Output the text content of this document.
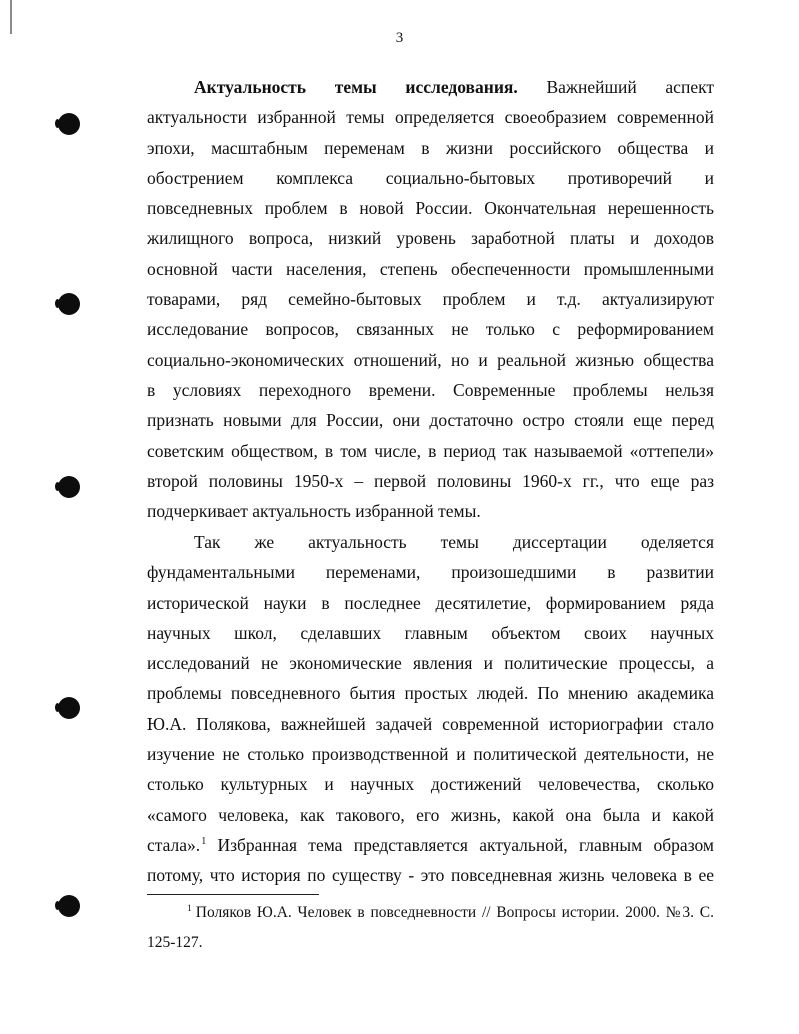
3
Актуальность темы исследования. Важнейший аспект
актуальности избранной темы определяется своеобразием современной
эпохи, масштабным переменам в жизни российского общества и
обострением комплекса социально-бытовых противоречий и
повседневных проблем в новой России. Окончательная нерешенность
жилищного вопроса, низкий уровень заработной платы и доходов
основной части населения, степень обеспеченности промышленными
товарами, ряд семейно-бытовых проблем и т.д. актуализируют
исследование вопросов, связанных не только с реформированием
социально-экономических отношений, но и реальной жизнью общества
в условиях переходного времени. Современные проблемы нельзя
признать новыми для России, они достаточно остро стояли еще перед
советским обществом, в том числе, в период так называемой «оттепели»
второй половины 1950-х – первой половины 1960-х гг., что еще раз
подчеркивает актуальность избранной темы.
Так же актуальность темы диссертации оделяется
фундаментальными переменами, произошедшими в развитии
исторической науки в последнее десятилетие, формированием ряда
научных школ, сделавших главным объектом своих научных
исследований не экономические явления и политические процессы, а
проблемы повседневного бытия простых людей. По мнению академика
Ю.А. Полякова, важнейшей задачей современной историографии стало
изучение не столько производственной и политической деятельности, не
столько культурных и научных достижений человечества, сколько
«самого человека, как такового, его жизнь, какой она была и какой
стала».$^1$ Избранная тема представляется актуальной, главным образом
потому, что история по существу - это повседневная жизнь человека в ее
$^1$ Поляков Ю.А. Человек в повседневности // Вопросы истории. 2000. №3. С.
125-127.
